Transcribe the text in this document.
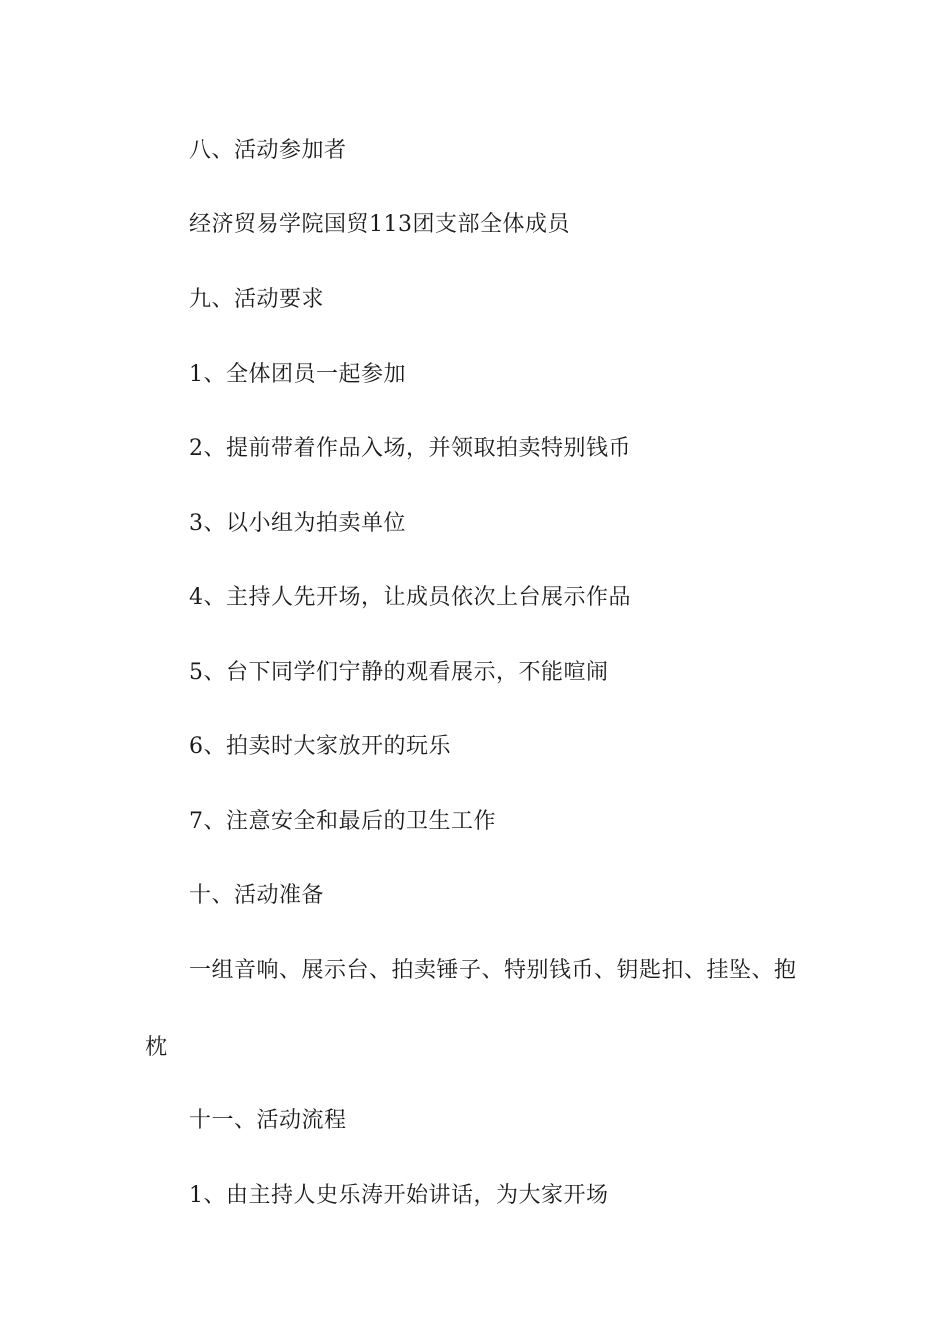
八、活动参加者
经济贸易学院国贸113团支部全体成员
九、活动要求
1、全体团员一起参加
2、提前带着作品入场，并领取拍卖特别钱币
3、以小组为拍卖单位
4、主持人先开场，让成员依次上台展示作品
5、台下同学们宁静的观看展示，不能喧闹
6、拍卖时大家放开的玩乐
7、注意安全和最后的卫生工作
十、活动准备
一组音响、展示台、拍卖锤子、特别钱币、钥匙扣、挂坠、抱
枕
十一、活动流程
1、由主持人史乐涛开始讲话，为大家开场
